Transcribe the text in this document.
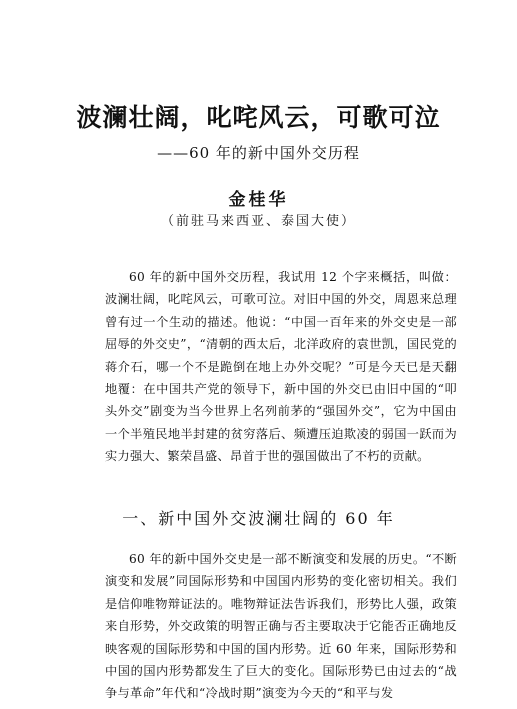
波澜壮阔，叱咤风云，可歌可泣
——60 年的新中国外交历程
金桂华
（前驻马来西亚、泰国大使）

60 年的新中国外交历程，我试用 12 个字来概括，叫做：波澜壮阔，叱咤风云，可歌可泣。对旧中国的外交，周恩来总理曾有过一个生动的描述。他说：“中国一百年来的外交史是一部屈辱的外交史”，“清朝的西太后，北洋政府的袁世凯，国民党的蒋介石，哪一个不是跪倒在地上办外交呢？”可是今天已是天翻地覆：在中国共产党的领导下，新中国的外交已由旧中国的“叩头外交”剧变为当今世界上名列前茅的“强国外交”，它为中国由一个半殖民地半封建的贫穷落后、频遭压迫欺凌的弱国一跃而为实力强大、繁荣昌盛、昂首于世的强国做出了不朽的贡献。

一、新中国外交波澜壮阔的 60 年

60 年的新中国外交史是一部不断演变和发展的历史。“不断演变和发展”同国际形势和中国国内形势的变化密切相关。我们是信仰唯物辩证法的。唯物辩证法告诉我们，形势比人强，政策来自形势，外交政策的明智正确与否主要取决于它能否正确地反映客观的国际形势和中国的国内形势。近 60 年来，国际形势和中国的国内形势都发生了巨大的变化。国际形势已由过去的“战争与革命”年代和“冷战时期”演变为今天的“和平与发
